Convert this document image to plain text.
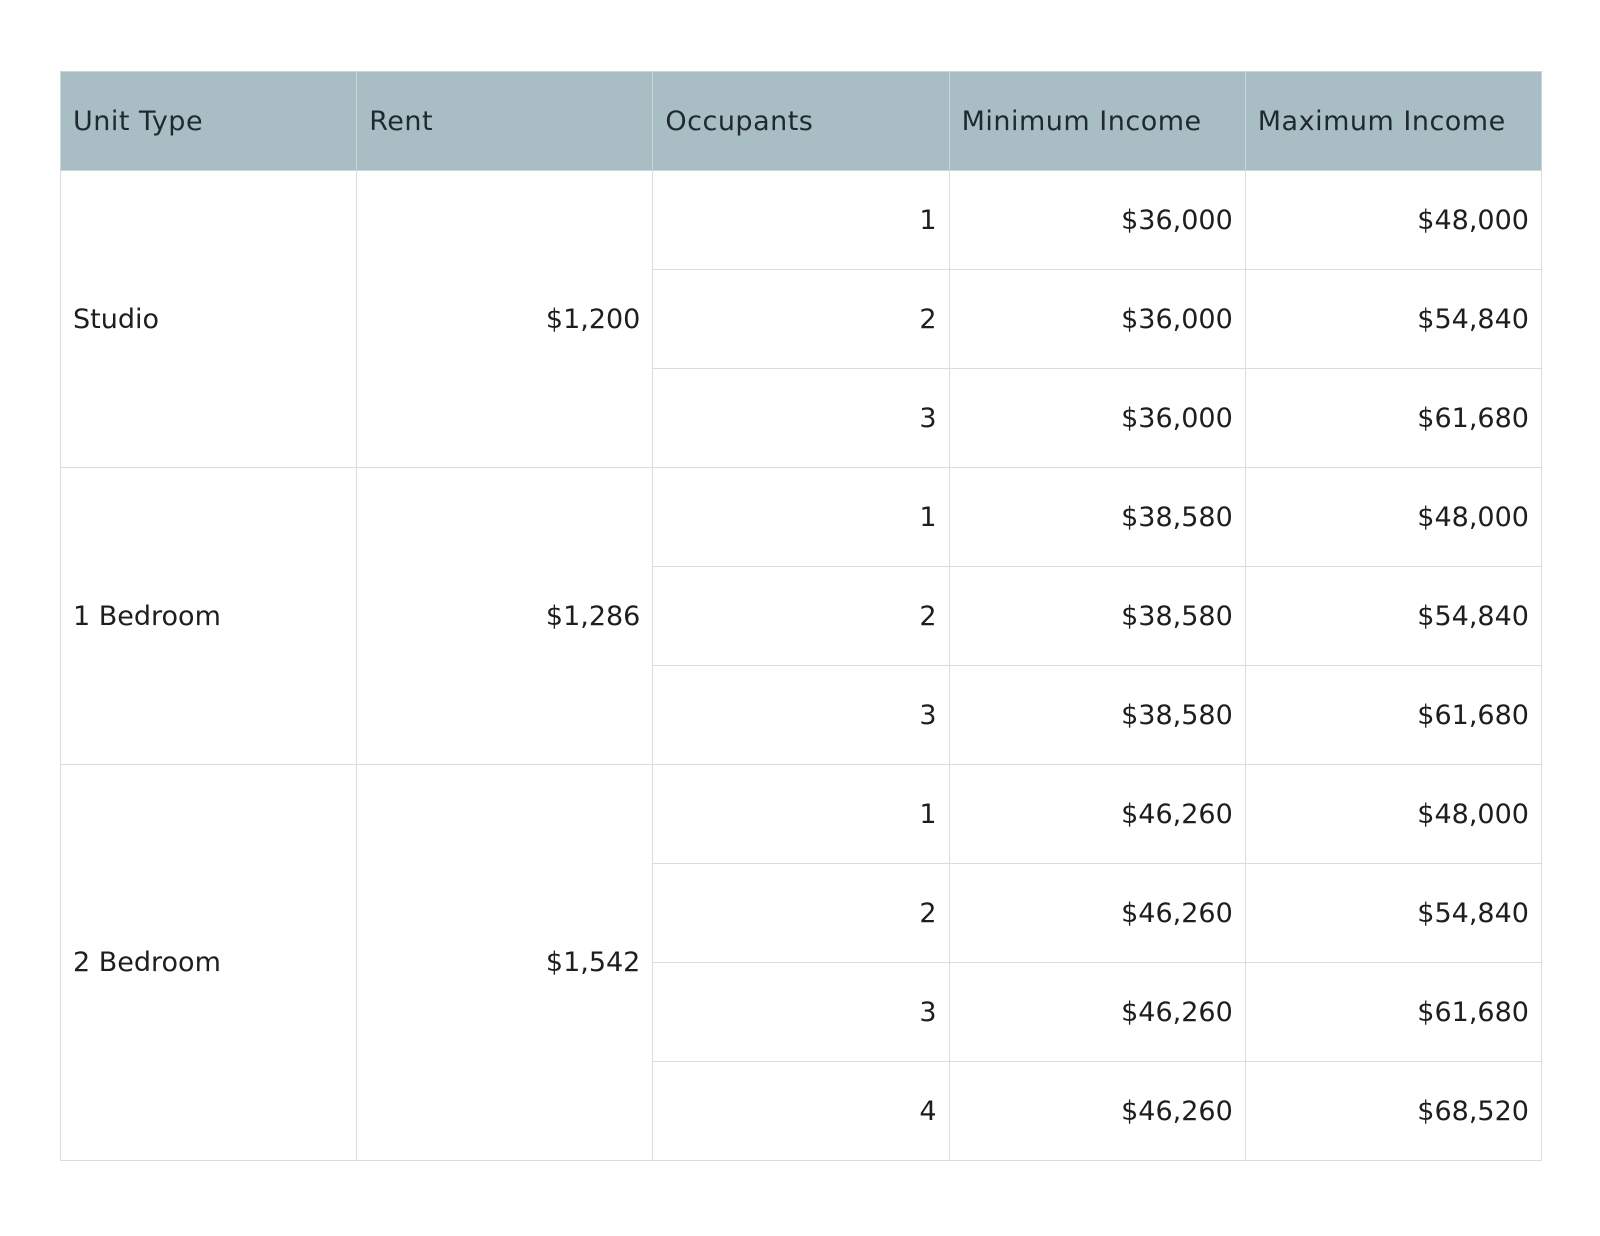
Unit Type	Rent	Occupants	Minimum Income	Maximum Income
Studio	$1,200	1	$36,000	$48,000
		2	$36,000	$54,840
		3	$36,000	$61,680
1 Bedroom	$1,286	1	$38,580	$48,000
		2	$38,580	$54,840
		3	$38,580	$61,680
2 Bedroom	$1,542	1	$46,260	$48,000
		2	$46,260	$54,840
		3	$46,260	$61,680
		4	$46,260	$68,520
